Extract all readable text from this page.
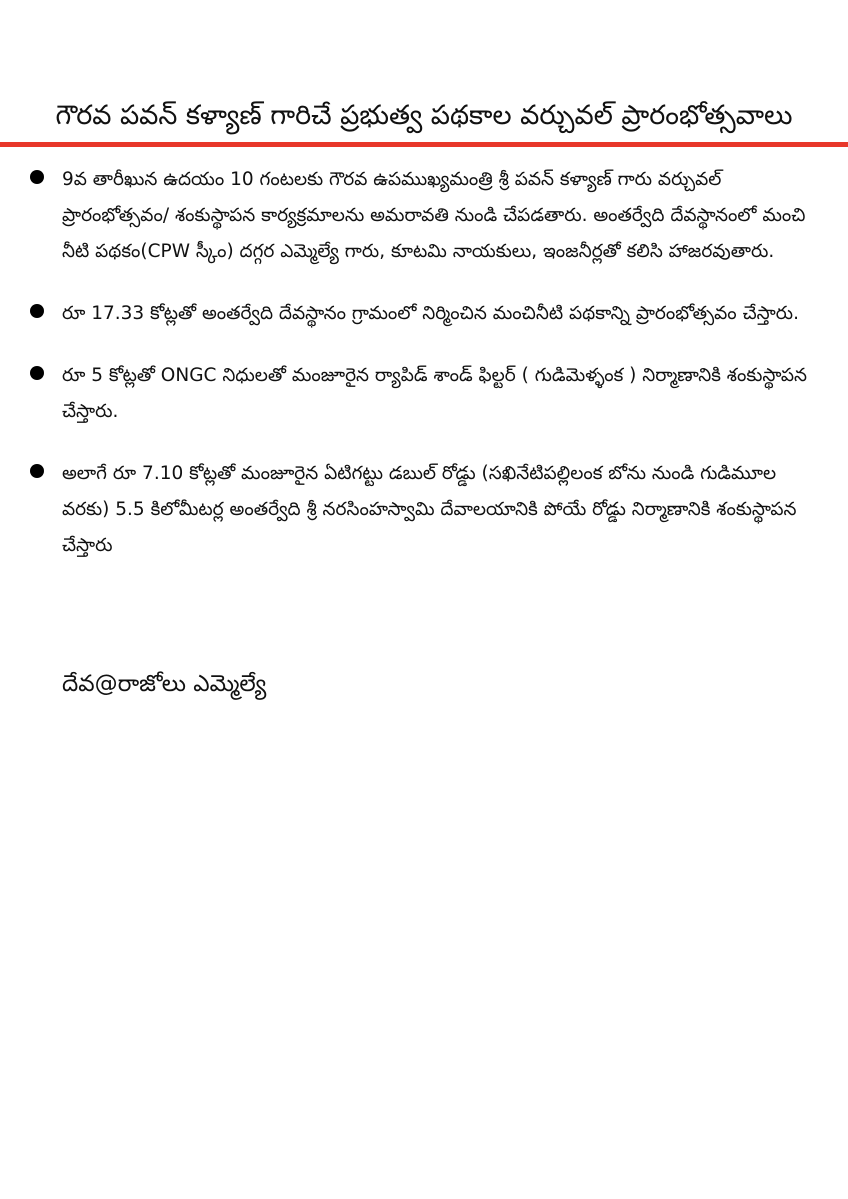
గౌరవ పవన్ కళ్యాణ్ గారిచే ప్రభుత్వ పథకాల వర్చువల్ ప్రారంభోత్సవాలు
9వ తారీఖున ఉదయం 10 గంటలకు గౌరవ ఉపముఖ్యమంత్రి శ్రీ పవన్ కళ్యాణ్ గారు వర్చువల్ ప్రారంభోత్సవం/ శంకుస్థాపన కార్యక్రమాలను అమరావతి నుండి చేపడతారు. అంతర్వేది దేవస్థానంలో మంచి నీటి పథకం(CPW స్కీం) దగ్గర ఎమ్మెల్యే గారు, కూటమి నాయకులు, ఇంజనీర్లతో కలిసి హాజరవుతారు.
రూ 17.33 కోట్లతో అంతర్వేది దేవస్థానం గ్రామంలో నిర్మించిన మంచినీటి పథకాన్ని ప్రారంభోత్సవం చేస్తారు.
రూ 5 కోట్లతో ONGC నిధులతో మంజూరైన ర్యాపిడ్ శాండ్ ఫిల్టర్ ( గుడిమెళ్ళంక ) నిర్మాణానికి శంకుస్థాపన చేస్తారు.
అలాగే రూ 7.10 కోట్లతో మంజూరైన ఏటిగట్టు డబుల్ రోడ్డు (సఖినేటిపల్లిలంక బోను నుండి గుడిమూల వరకు) 5.5 కిలోమీటర్ల అంతర్వేది శ్రీ నరసింహస్వామి దేవాలయానికి పోయే రోడ్డు నిర్మాణానికి శంకుస్థాపన చేస్తారు
దేవ@రాజోలు ఎమ్మెల్యే
